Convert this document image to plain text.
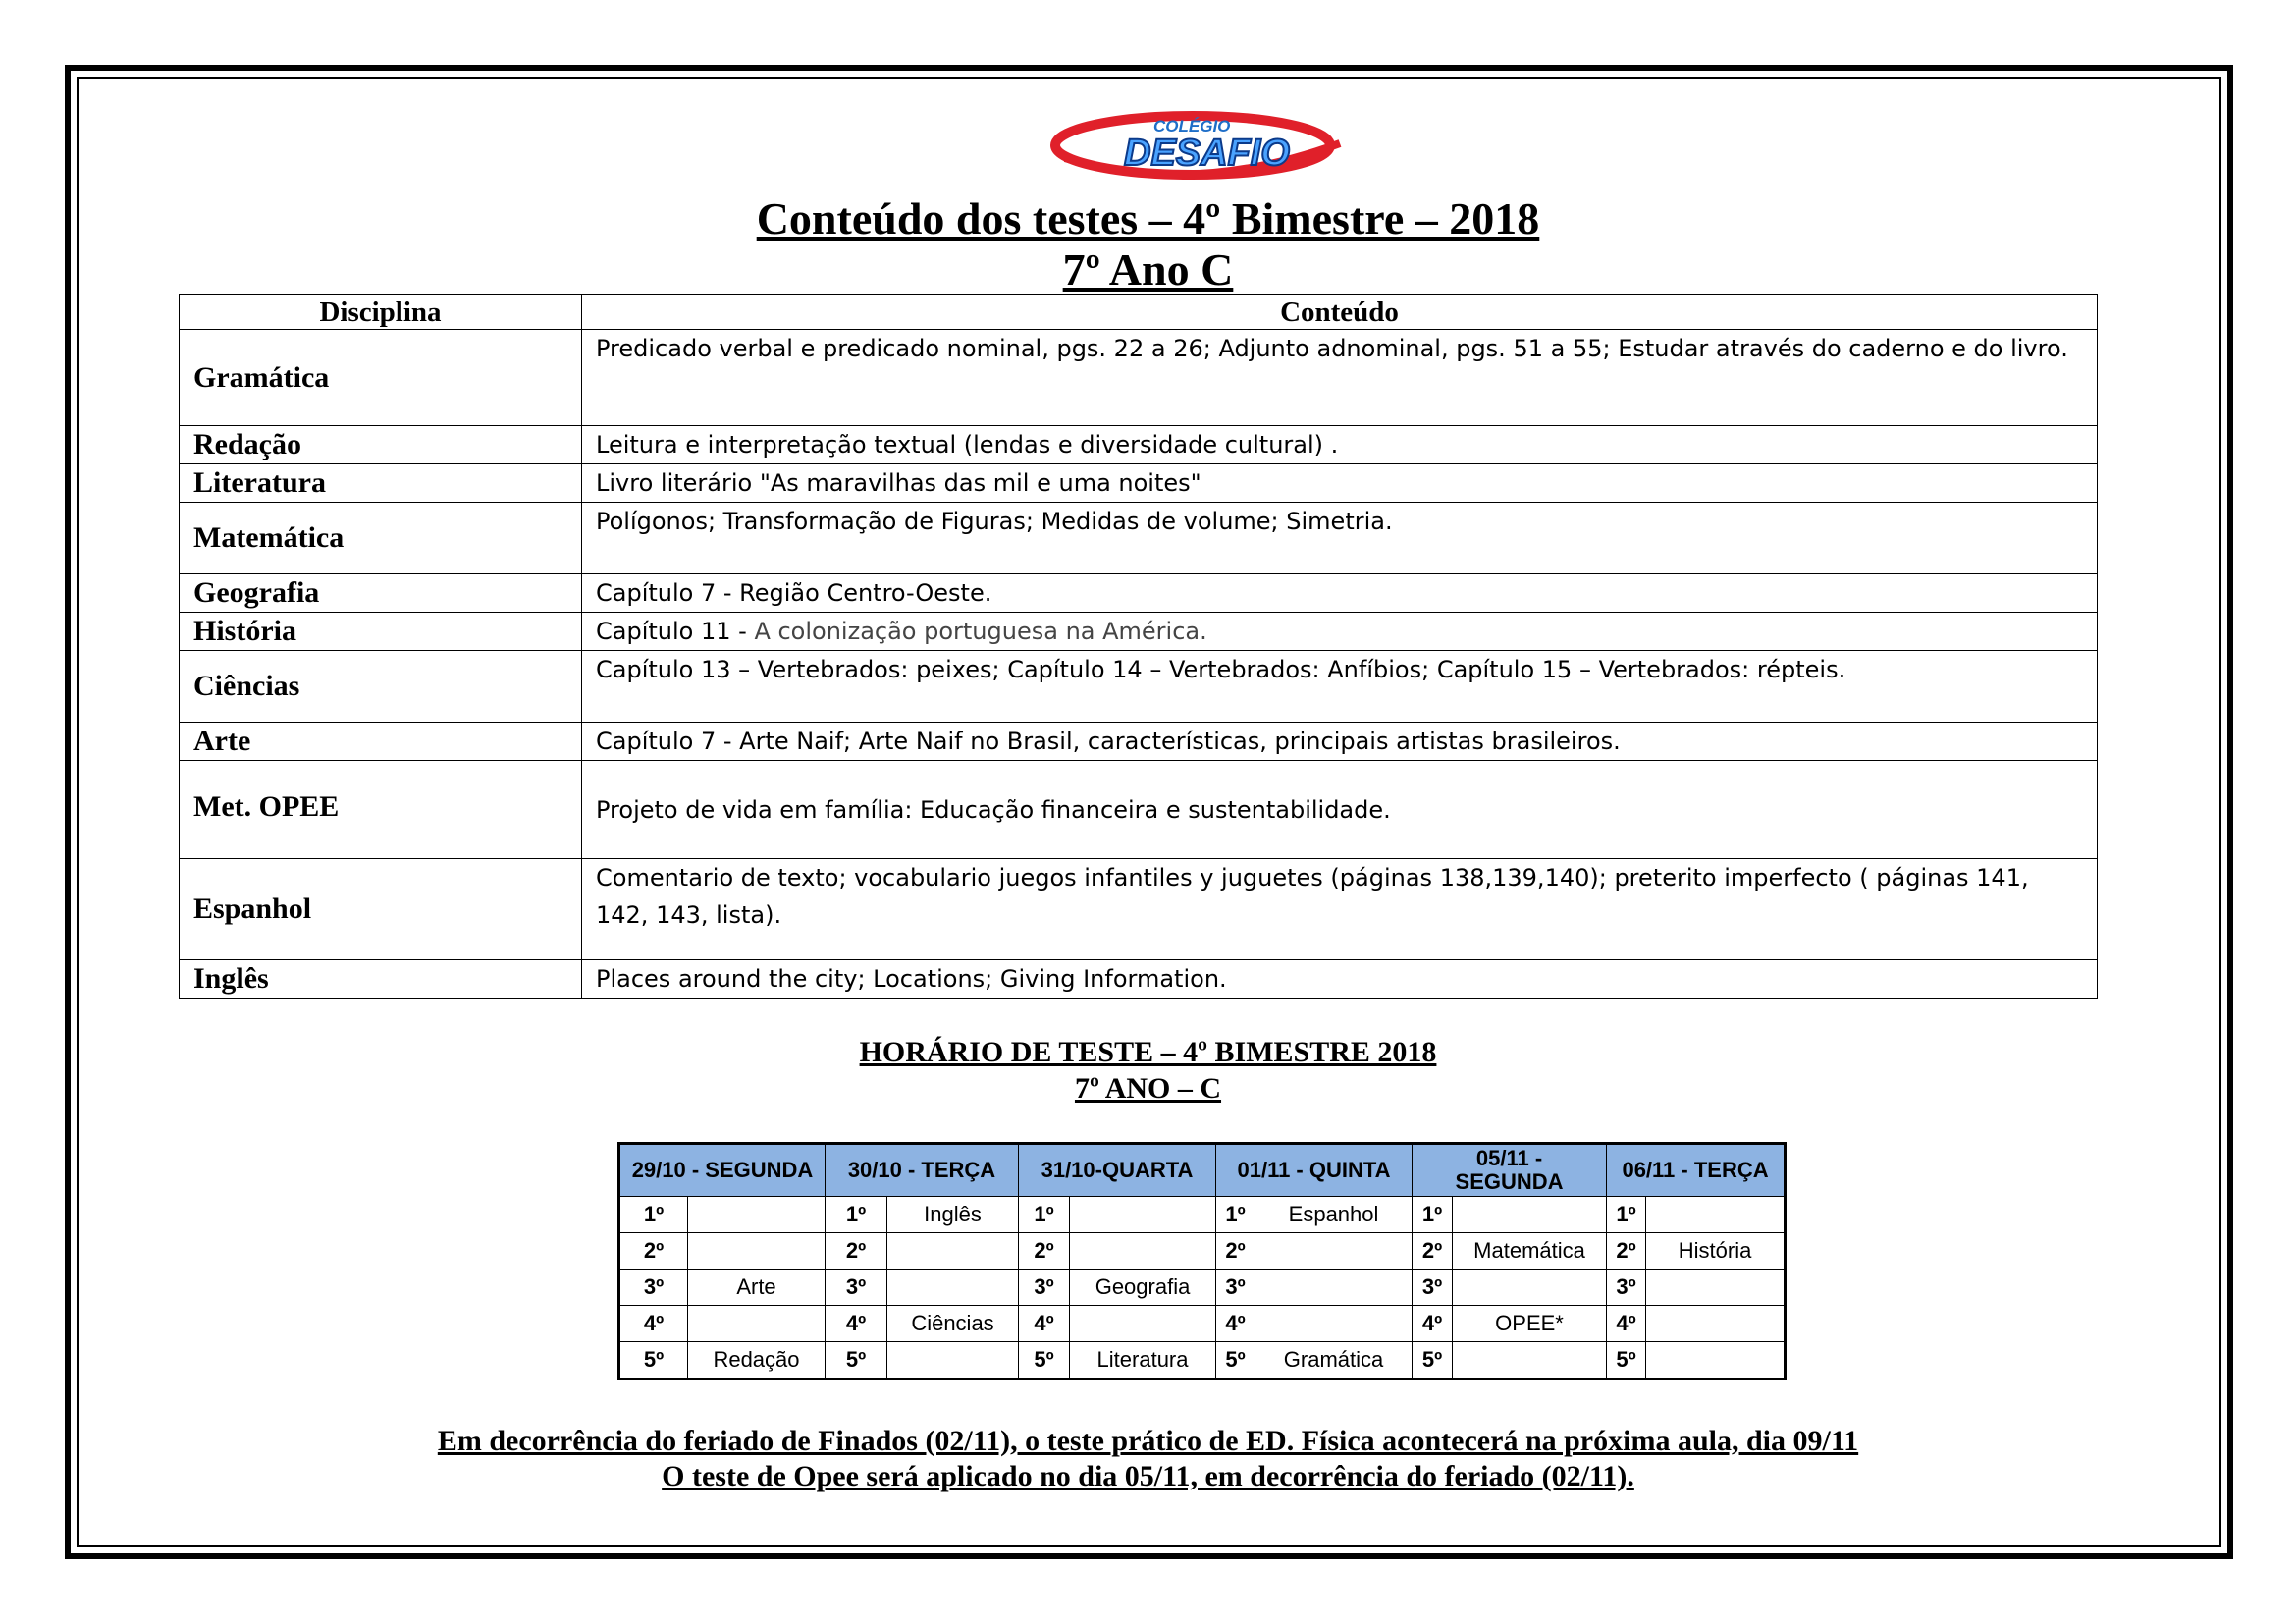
COLÉGIO
DESAFIO
Conteúdo dos testes – 4º Bimestre – 2018
7º Ano C
Disciplina	Conteúdo
Gramática	Predicado verbal e predicado nominal, pgs. 22 a 26; Adjunto adnominal, pgs. 51 a 55; Estudar através do caderno e do livro.
Redação	Leitura e interpretação textual (lendas e diversidade cultural) .
Literatura	Livro literário "As maravilhas das mil e uma noites"
Matemática	Polígonos; Transformação de Figuras; Medidas de volume; Simetria.
Geografia	Capítulo 7 - Região Centro-Oeste.
História	Capítulo 11 - A colonização portuguesa na América.
Ciências	Capítulo 13 – Vertebrados: peixes; Capítulo 14 – Vertebrados: Anfíbios; Capítulo 15 – Vertebrados: répteis.
Arte	Capítulo 7 - Arte Naif; Arte Naif no Brasil, características, principais artistas brasileiros.
Met. OPEE	Projeto de vida em família: Educação financeira e sustentabilidade.
Espanhol	Comentario de texto; vocabulario juegos infantiles y juguetes (páginas 138,139,140); preterito imperfecto ( páginas 141, 142, 143, lista).
Inglês	Places around the city; Locations; Giving Information.
HORÁRIO DE TESTE – 4º BIMESTRE 2018
7º ANO – C
29/10 - SEGUNDA		30/10 - TERÇA		31/10-QUARTA		01/11 - QUINTA		05/11 - SEGUNDA		06/11 - TERÇA	
1º		1º	Inglês	1º		1º	Espanhol	1º		1º	
2º		2º		2º		2º		2º	Matemática	2º	História
3º	Arte	3º		3º	Geografia	3º		3º		3º	
4º		4º	Ciências	4º		4º		4º	OPEE*	4º	
5º	Redação	5º		5º	Literatura	5º	Gramática	5º		5º	
Em decorrência do feriado de Finados (02/11), o teste prático de ED. Física acontecerá na próxima aula, dia 09/11
O teste de Opee será aplicado no dia 05/11, em decorrência do feriado (02/11).
